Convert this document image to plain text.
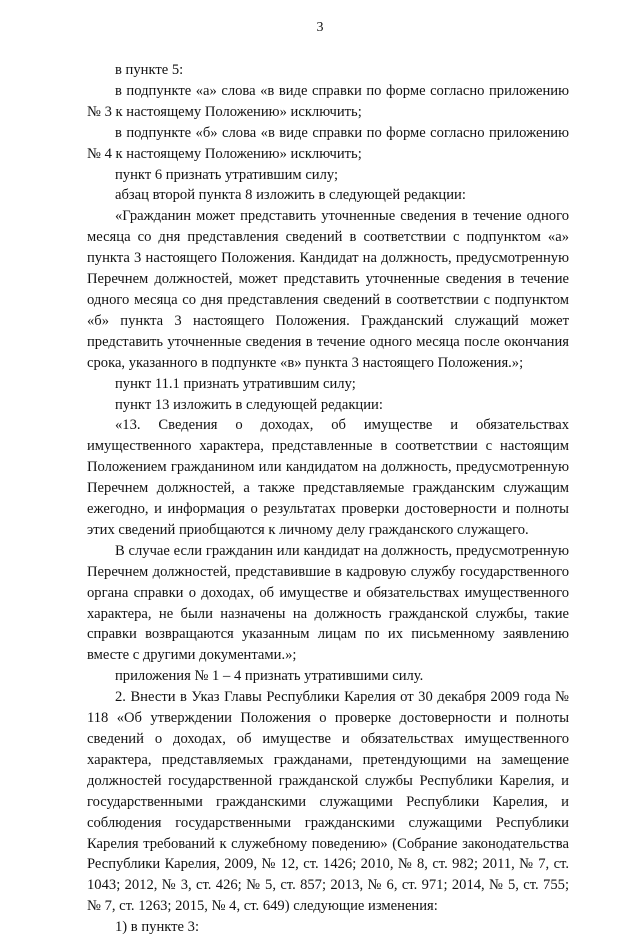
3

в пункте 5:

в подпункте «а» слова «в виде справки по форме согласно приложению № 3 к настоящему Положению» исключить;

в подпункте «б» слова «в виде справки по форме согласно приложению № 4 к настоящему Положению» исключить;

пункт 6 признать утратившим силу;

абзац второй пункта 8 изложить в следующей редакции:

«Гражданин может представить уточненные сведения в течение одного месяца со дня представления сведений в соответствии с подпунктом «а» пункта 3 настоящего Положения. Кандидат на должность, предусмотренную Перечнем должностей, может представить уточненные сведения в течение одного месяца со дня представления сведений в соответствии с подпунктом «б» пункта 3 настоящего Положения. Гражданский служащий может представить уточненные сведения в течение одного месяца после окончания срока, указанного в подпункте «в» пункта 3 настоящего Положения.»;

пункт 11.1 признать утратившим силу;

пункт 13 изложить в следующей редакции:

«13. Сведения о доходах, об имуществе и обязательствах имущественного характера, представленные в соответствии с настоящим Положением гражданином или кандидатом на должность, предусмотренную Перечнем должностей, а также представляемые гражданским служащим ежегодно, и информация о результатах проверки достоверности и полноты этих сведений приобщаются к личному делу гражданского служащего.

В случае если гражданин или кандидат на должность, предусмотренную Перечнем должностей, представившие в кадровую службу государственного органа справки о доходах, об имуществе и обязательствах имущественного характера, не были назначены на должность гражданской службы, такие справки возвращаются указанным лицам по их письменному заявлению вместе с другими документами.»;

приложения № 1 – 4 признать утратившими силу.

2. Внести в Указ Главы Республики Карелия от 30 декабря 2009 года № 118 «Об утверждении Положения о проверке достоверности и полноты сведений о доходах, об имуществе и обязательствах имущественного характера, представляемых гражданами, претендующими на замещение должностей государственной гражданской службы Республики Карелия, и государственными гражданскими служащими Республики Карелия, и соблюдения государственными гражданскими служащими Республики Карелия требований к служебному поведению» (Собрание законодательства Республики Карелия, 2009, № 12, ст. 1426; 2010, № 8, ст. 982; 2011, № 7, ст. 1043; 2012, № 3, ст. 426; № 5, ст. 857; 2013, № 6, ст. 971; 2014, № 5, ст. 755; № 7, ст. 1263; 2015, № 4, ст. 649) следующие изменения:

1) в пункте 3:
